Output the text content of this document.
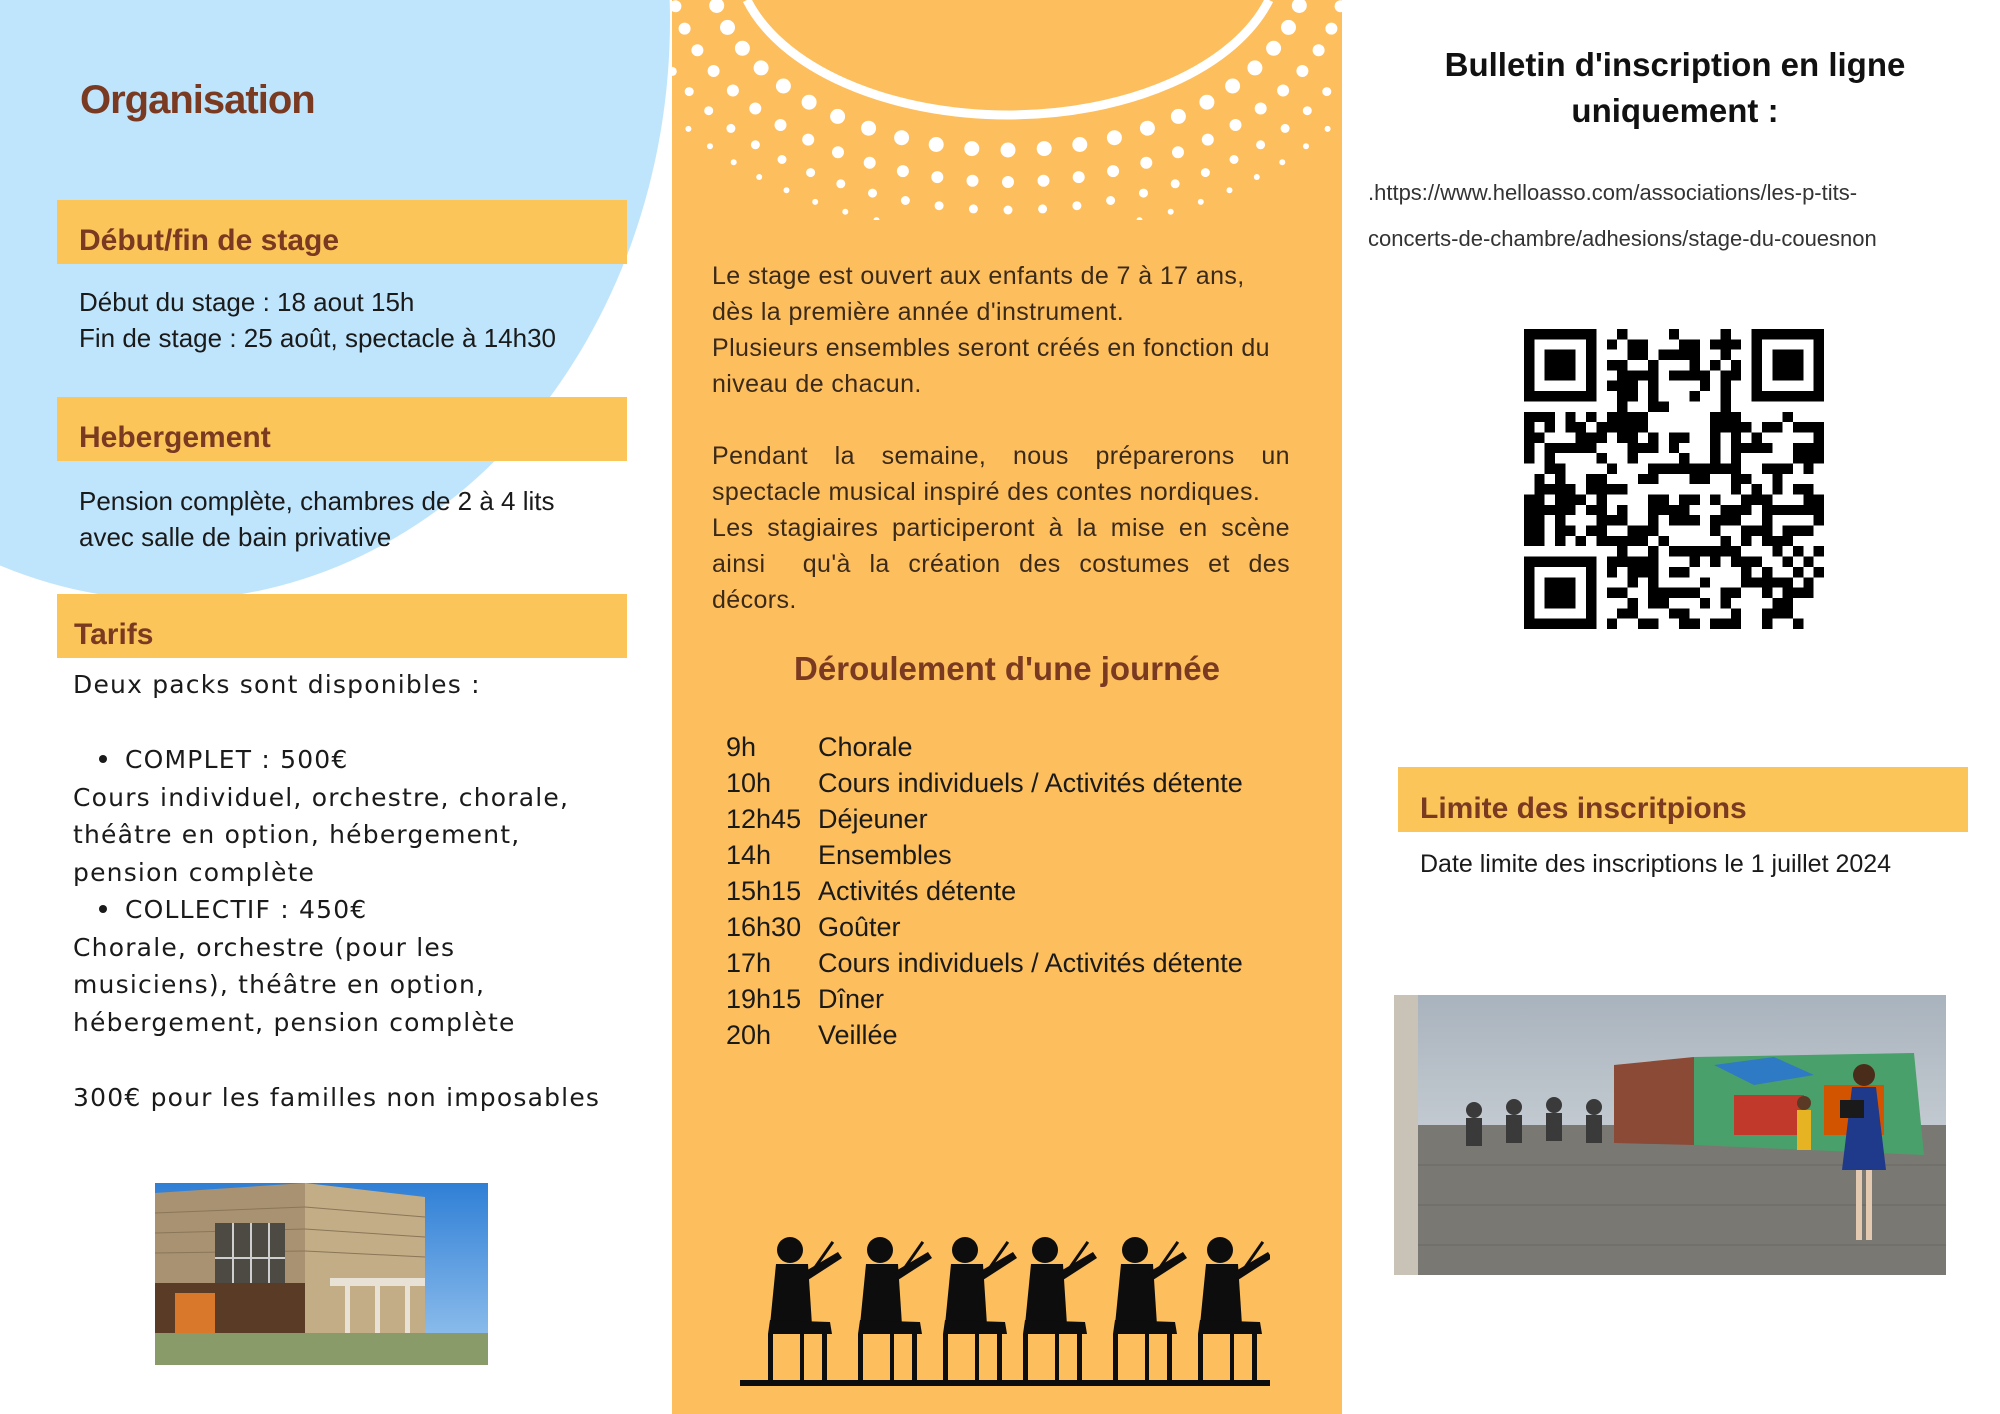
Organisation
Début/fin de stage
Début du stage : 18 aout 15h
Fin de stage : 25 août, spectacle à 14h30
Hebergement
Pension complète, chambres de 2 à 4 lits
avec salle de bain privative
Tarifs
Deux packs sont disponibles :
COMPLET : 500€
Cours individuel, orchestre, chorale,
théâtre en option, hébergement,
pension complète
COLLECTIF : 450€
Chorale, orchestre (pour les
musiciens), théâtre en option,
hébergement, pension complète
300€ pour les familles non imposables
Le stage est ouvert aux enfants de 7 à 17 ans,
dès la première année d'instrument.
Plusieurs ensembles seront créés en fonction du
niveau de chacun.
Pendant la semaine, nous préparerons un
spectacle musical inspiré des contes nordiques.
Les stagiaires participeront à la mise en scène
ainsi  qu'à la création des costumes et des
décors.
Déroulement d'une journée
9h Chorale
10h Cours individuels / Activités détente
12h45 Déjeuner
14h Ensembles
15h15 Activités détente
16h30 Goûter
17h Cours individuels / Activités détente
19h15 Dîner
20h Veillée
Bulletin d'inscription en ligne
uniquement :
.https://www.helloasso.com/associations/les-p-tits-
concerts-de-chambre/adhesions/stage-du-couesnon
Limite des inscritpions
Date limite des inscriptions le 1 juillet 2024
